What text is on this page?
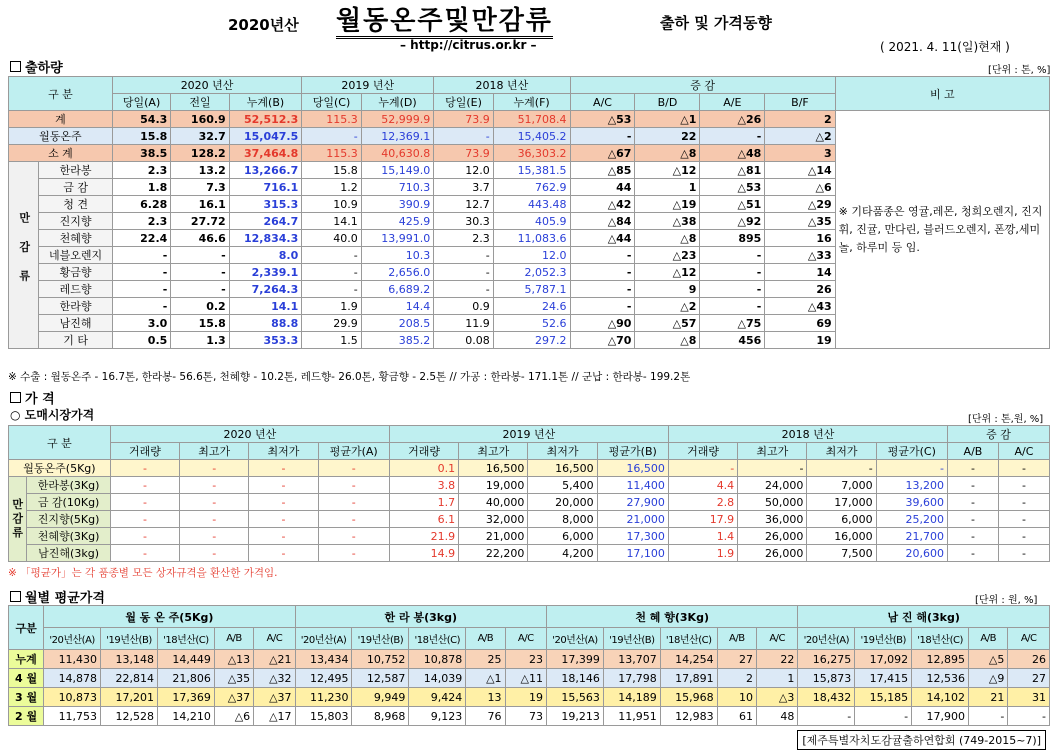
2020년산 월동온주및만감류	출하 및 가격동향
– http://citrus.or.kr –	( 2021. 4. 11(일)현재 )
출하량	[단위 : 톤, %]
구 분		2020 년산			2019 년산		2018 년산		증 감				비 고
		당일(A)	전일	누계(B)	당일(C)	누계(D)	당일(E)	누계(F)	A/C	B/D	A/E	B/F	
계		54.3	160.9	52,512.3	115.3	52,999.9	73.9	51,708.4	△53	△1	△26	2	※ 기타품종은 영귤,레몬, 청희오렌지, 진지휘, 진귤, 만다린, 블러드오렌지, 폰깡,세미놀, 하루미 등 임.
월동온주		15.8	32.7	15,047.5	-	12,369.1	-	15,405.2	-	22	-	△2	
소 계		38.5	128.2	37,464.8	115.3	40,630.8	73.9	36,303.2	△67	△8	△48	3	
만감류	한라봉	2.3	13.2	13,266.7	15.8	15,149.0	12.0	15,381.5	△85	△12	△81	△14	
	금 감	1.8	7.3	716.1	1.2	710.3	3.7	762.9	44	1	△53	△6	
	청 견	6.28	16.1	315.3	10.9	390.9	12.7	443.48	△42	△19	△51	△29	
	진지향	2.3	27.72	264.7	14.1	425.9	30.3	405.9	△84	△38	△92	△35	
	천혜향	22.4	46.6	12,834.3	40.0	13,991.0	2.3	11,083.6	△44	△8	895	16	
	네블오렌지	-	-	8.0	-	10.3	-	12.0	-	△23	-	△33	
	황금향	-	-	2,339.1	-	2,656.0	-	2,052.3	-	△12	-	14	
	레드향	-	-	7,264.3	-	6,689.2	-	5,787.1	-	9	-	26	
	한라향	-	0.2	14.1	1.9	14.4	0.9	24.6	-	△2	-	△43	
	남진해	3.0	15.8	88.8	29.9	208.5	11.9	52.6	△90	△57	△75	69	
	기 타	0.5	1.3	353.3	1.5	385.2	0.08	297.2	△70	△8	456	19	
※ 수출 : 월동온주 - 16.7톤, 한라봉- 56.6톤, 천혜향 - 10.2톤, 레드향- 26.0톤, 황금향 - 2.5톤 // 가공 : 한라봉- 171.1톤 // 군납 : 한라봉- 199.2톤
가 격
○ 도매시장가격	[단위 : 톤,원, %]
구 분		2020 년산				2019 년산				2018 년산				증 감	
		거래량	최고가	최저가	평균가(A)	거래량	최고가	최저가	평균가(B)	거래량	최고가	최저가	평균가(C)	A/B	A/C
월동온주(5Kg)		-	-	-	-	0.1	16,500	16,500	16,500	-	-	-	-	-	-
만감류	한라봉(3Kg)	-	-	-	-	3.8	19,000	5,400	11,400	4.4	24,000	7,000	13,200	-	-
	금 감(10Kg)	-	-	-	-	1.7	40,000	20,000	27,900	2.8	50,000	17,000	39,600	-	-
	진지향(5Kg)	-	-	-	-	6.1	32,000	8,000	21,000	17.9	36,000	6,000	25,200	-	-
	천혜향(3Kg)	-	-	-	-	21.9	21,000	6,000	17,300	1.4	26,000	16,000	21,700	-	-
	남진해(3kg)	-	-	-	-	14.9	22,200	4,200	17,100	1.9	26,000	7,500	20,600	-	-
※ 「평균가」는 각 품종별 모든 상자규격을 환산한 가격임.
월별 평균가격	[단위 : 원, %]
구분	월 동 온 주(5Kg)					한 라 봉(3kg)					천 혜 향(3Kg)					남 진 해(3kg)				
	'20년산(A)	'19년산(B)	'18년산(C)	A/B	A/C	'20년산(A)	'19년산(B)	'18년산(C)	A/B	A/C	'20년산(A)	'19년산(B)	'18년산(C)	A/B	A/C	'20년산(A)	'19년산(B)	'18년산(C)	A/B	A/C
누계	11,430	13,148	14,449	△13	△21	13,434	10,752	10,878	25	23	17,399	13,707	14,254	27	22	16,275	17,092	12,895	△5	26
4 월	14,878	22,814	21,806	△35	△32	12,495	12,587	14,039	△1	△11	18,146	17,798	17,891	2	1	15,873	17,415	12,536	△9	27
3 월	10,873	17,201	17,369	△37	△37	11,230	9,949	9,424	13	19	15,563	14,189	15,968	10	△3	18,432	15,185	14,102	21	31
2 월	11,753	12,528	14,210	△6	△17	15,803	8,968	9,123	76	73	19,213	11,951	12,983	61	48	-	-	17,900	-	-
[제주특별자치도감귤출하연합회 (749-2015~7)]
